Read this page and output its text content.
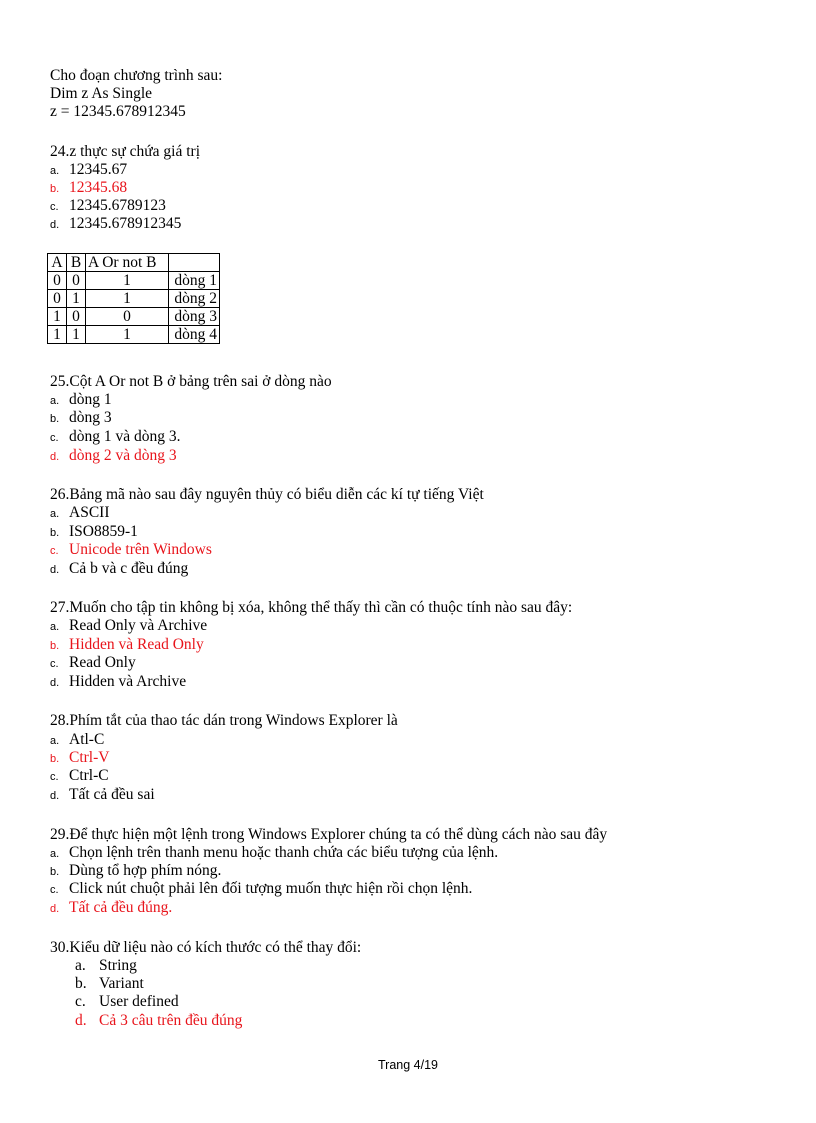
Cho đoạn chương trình sau:
Dim z As Single
z = 12345.678912345
24.z thực sự chứa giá trị
a. 12345.67
b. 12345.68
c. 12345.6789123
d. 12345.678912345
A	B	A Or not B	
0	0	1	dòng 1
0	1	1	dòng 2
1	0	0	dòng 3
1	1	1	dòng 4
25.Cột A Or not B ở bảng trên sai ở dòng nào
a. dòng 1
b. dòng 3
c. dòng 1 và dòng 3.
d. dòng 2 và dòng 3
26.Bảng mã nào sau đây nguyên thủy có biểu diễn các kí tự tiếng Việt
a. ASCII
b. ISO8859-1
c. Unicode trên Windows
d. Cả b và c đều đúng
27.Muốn cho tập tin không bị xóa, không thể thấy thì cần có thuộc tính nào sau đây:
a. Read Only và Archive
b. Hidden và Read Only
c. Read Only
d. Hidden và Archive
28.Phím tắt của thao tác dán trong Windows Explorer là
a. Atl-C
b. Ctrl-V
c. Ctrl-C
d. Tất cả đều sai
29.Để thực hiện một lệnh trong Windows Explorer chúng ta có thể dùng cách nào sau đây
a. Chọn lệnh trên thanh menu hoặc thanh chứa các biểu tượng của lệnh.
b. Dùng tổ hợp phím nóng.
c. Click nút chuột phải lên đối tượng muốn thực hiện rồi chọn lệnh.
d. Tất cả đều đúng.
30.Kiểu dữ liệu nào có kích thước có thể thay đổi:
a. String
b. Variant
c. User defined
d. Cả 3 câu trên đều đúng
Trang 4/19
